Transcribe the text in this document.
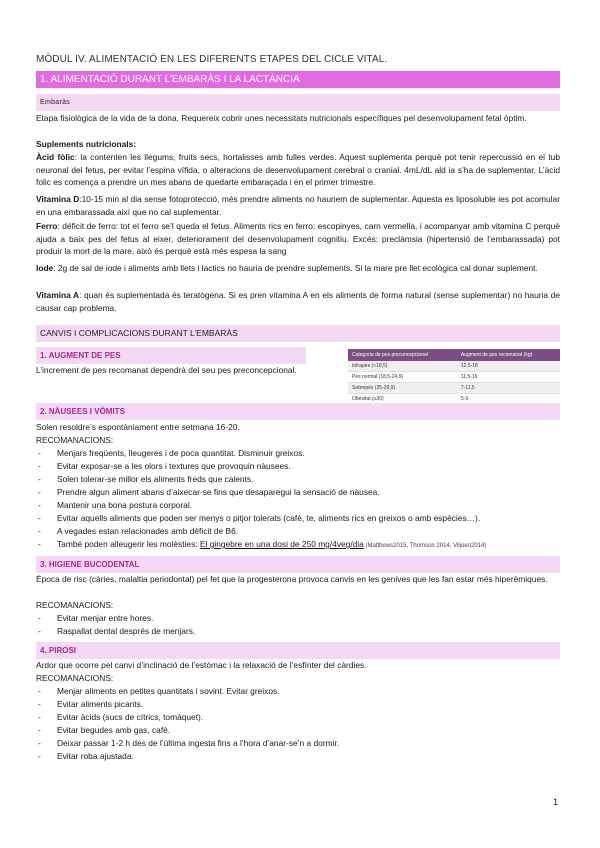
MÒDUL IV. ALIMENTACIÓ EN LES DIFERENTS ETAPES DEL CICLE VITAL.
1. ALIMENTACIÓ DURANT L’EMBARÀS I LA LACTÀNCIA
Embaràs
Etapa fisiològica de la vida de la dona. Requereix cobrir unes necessitats nutricionals específiques pel desenvolupament fetal òptim.
Suplements nutricionals:
Àcid fòlic: la contenten les llegums, fruits secs, hortalisses amb fulles verdes. Aquest suplementa perquè pot tenir repercussió en el tub neuronal del fetus, per evitar l’espina vífida, o alteracions de desenvolupament cerebral o cranial. 4mL/dL ald ia s’ha de suplementar. L’àcid folic es comença a prendre un mes abans de quedarte embaraçada i en el primer trimestre.
Vitamina D:10-15 min al dia sense fotoprotecció, més prendre aliments no hauriem de suplementar. Aquesta es liposoluble ies pot acomular en una embarassada així que no cal suplementar.
Ferro: déficit de ferro: tot el ferro se’l queda el fetus. Aliments rics en ferro: escopinyes, carn vermella, i acompanyar amb vitamina C perquè ajuda a baix pes del fetus al eixer, deteriorament del desenvolupament cognitiu. Excés: preclàmsia (hipertensió de l’embarassada) pot produir la mort de la mare, això és perquè està més espesa la sang
Iode: 2g de sal de iode i aliments amb llets i lactics no hauria de prendre suplements. Si la mare pre llet ecològica cal donar suplement.
Vitamina A: quan és suplementada és teratògena. Si es pren vitamina A en els aliments de forma natural (sense suplementar) no hauria de causar cap problema.
CANVIS I COMPLICACIONS DURANT L’EMBARÀS
1. AUGMENT DE PES
L’increment de pes recomanat dependrà del seu pes preconcepcional.
Categoria de pes preconcepcional	Augment de pes recomanat (kg)
Infrapès (<18,5)	12,5-18
Pes normal (18,5-24,9)	11,5-16
Sobrepès (25-29,9)	7-11,5
Obesitat (≥30)	5-9
2. NÀUSEES I VÒMITS
Solen resoldre’s espontàniament entre setmana 16-20.
RECOMANACIONS:
- Menjars freqüents, lleugeres i de poca quantitat. Disminuir greixos.
- Evitar exposar-se a les olors i textures que provoquin nàusees.
- Solen tolerar-se millor els aliments freds que calents.
- Prendre algun aliment abans d’aixecar-se fins que desaparegui la sensació de nàusea.
- Mantenir una bona postura corporal.
- Evitar aquells aliments que poden ser menys o pitjor tolerats (cafè, te, aliments rics en greixos o amb espècies…).
- A vegades estan relacionades amb dèficit de B6.
- També poden alleugerir les molèsties: El gingebre en una dosi de 250 mg/4veg/dia (Matthews2015, Thomson 2014, Viljoen2014)
3. HIGIENE BUCODENTAL
Època de risc (càries, malaltia periodontal) pel fet que la progesterona provoca canvis en les genives que les fan estar més hiperèmiques.
RECOMANACIONS:
- Evitar menjar entre hores.
- Raspallat dental després de menjars.
4. PIROSI
Ardor que ocorre pel canvi d’inclinació de l’estómac i la relaxació de l’esfínter del càrdies.
RECOMANACIONS:
- Menjar aliments en petites quantitats i sovint. Evitar greixos.
- Evitar aliments picants.
- Evitar àcids (sucs de cítrics, tomàquet).
- Evitar begudes amb gas, cafè.
- Deixar passar 1-2 h des de l’última ingesta fins a l’hora d’anar-se’n a dormir.
- Evitar roba ajustada.
1
